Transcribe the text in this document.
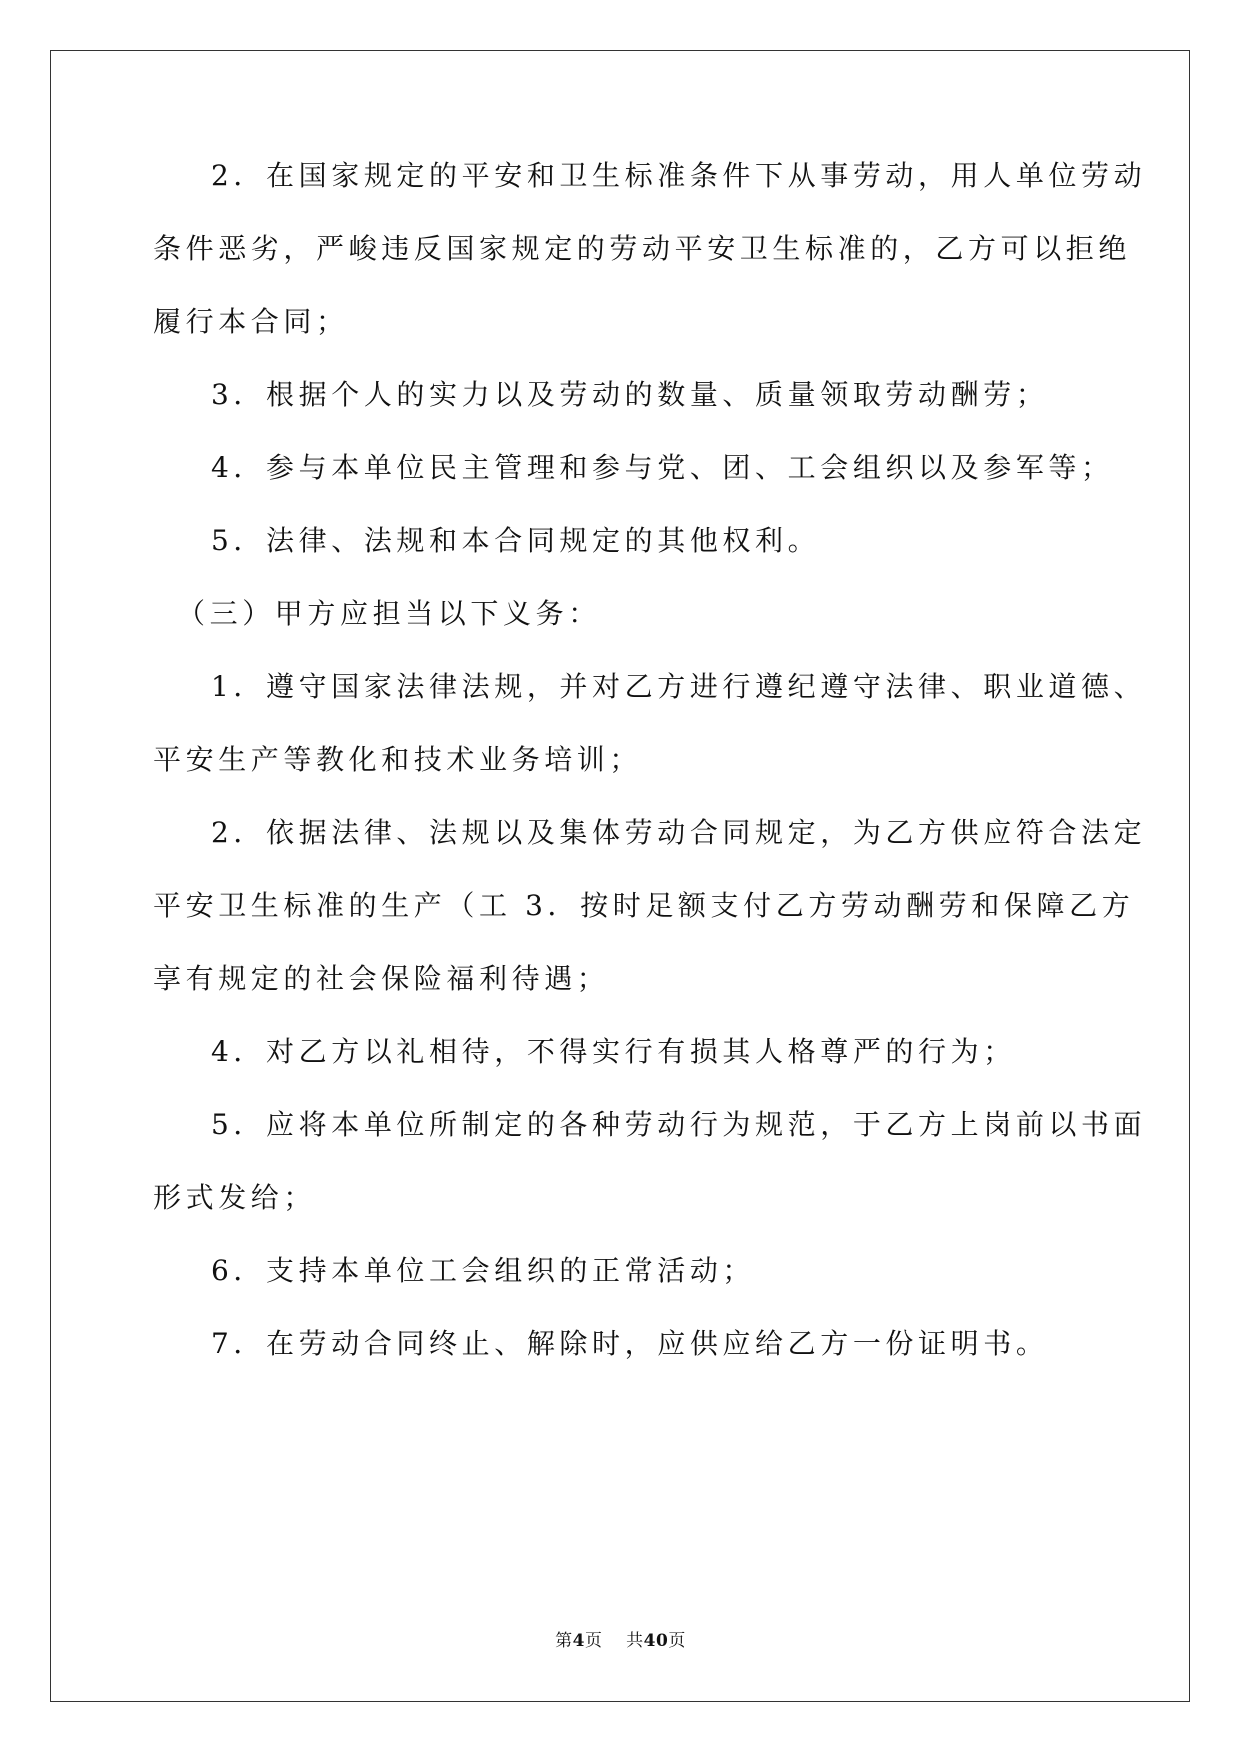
2．在国家规定的平安和卫生标准条件下从事劳动，用人单位劳动
条件恶劣，严峻违反国家规定的劳动平安卫生标准的，乙方可以拒绝
履行本合同；
3．根据个人的实力以及劳动的数量、质量领取劳动酬劳；
4．参与本单位民主管理和参与党、团、工会组织以及参军等；
5．法律、法规和本合同规定的其他权利。
（三）甲方应担当以下义务：
1．遵守国家法律法规，并对乙方进行遵纪遵守法律、职业道德、
平安生产等教化和技术业务培训；
2．依据法律、法规以及集体劳动合同规定，为乙方供应符合法定
平安卫生标准的生产（工 3．按时足额支付乙方劳动酬劳和保障乙方
享有规定的社会保险福利待遇；
4．对乙方以礼相待，不得实行有损其人格尊严的行为；
5．应将本单位所制定的各种劳动行为规范，于乙方上岗前以书面
形式发给；
6．支持本单位工会组织的正常活动；
7．在劳动合同终止、解除时，应供应给乙方一份证明书。
第4页 共40页
